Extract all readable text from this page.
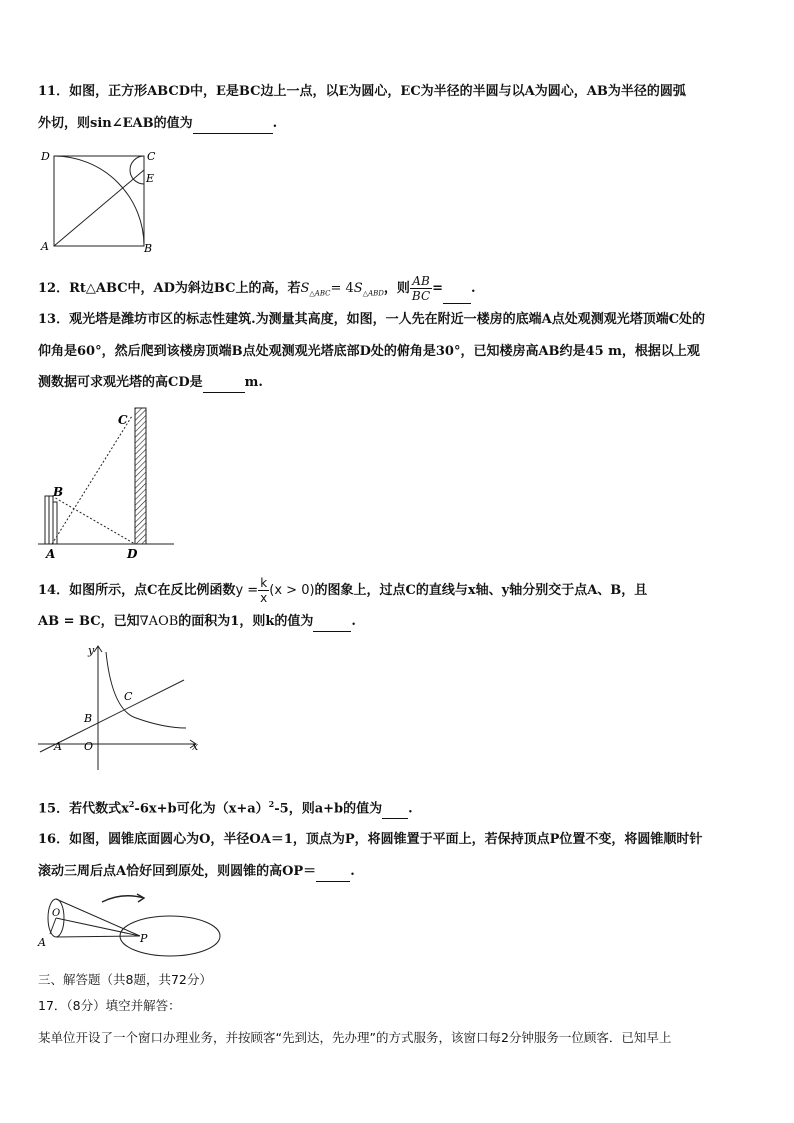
11．如图，正方形ABCD中，E是BC边上一点，以E为圆心，EC为半径的半圆与以A为圆心，AB为半径的圆弧
外切，则sin∠EAB的值为	.
D	C
E
A	B
12．Rt△ABC中，AD为斜边BC上的高，若$S_{\triangle ABC}= 4S_{\triangle ABD}$，则 $\frac{AB}{BC}$ = .
13．观光塔是潍坊市区的标志性建筑.为测量其高度，如图，一人先在附近一楼房的底端A点处观测观光塔顶端C处的
仰角是60°，然后爬到该楼房顶端B点处观测观光塔底部D处的俯角是30°，已知楼房高AB约是45 m，根据以上观
测数据可求观光塔的高CD是	m.
C
B
A	D
14．如图所示，点C在反比例函数$y = \frac{k}{x} (x > 0)$的图象上，过点C的直线与x轴、y轴分别交于点A、B，且
AB = BC，已知∇AOB的面积为1，则k的值为	.
y
x
C
B
A O
15．若代数式$x^2-6x+b$可化为$(x+a)^2-5$，则a+b的值为 .
16．如图，圆锥底面圆心为O，半径OA＝1，顶点为P，将圆锥置于平面上，若保持顶点P位置不变，将圆锥顺时针
滚动三周后点A恰好回到原处，则圆锥的高OP＝	.
O
A	P
三、解答题（共8题，共72分）
17．（8分）填空并解答：
某单位开设了一个窗口办理业务，并按顾客“先到达，先办理”的方式服务，该窗口每2分钟服务一位顾客．已知早上
